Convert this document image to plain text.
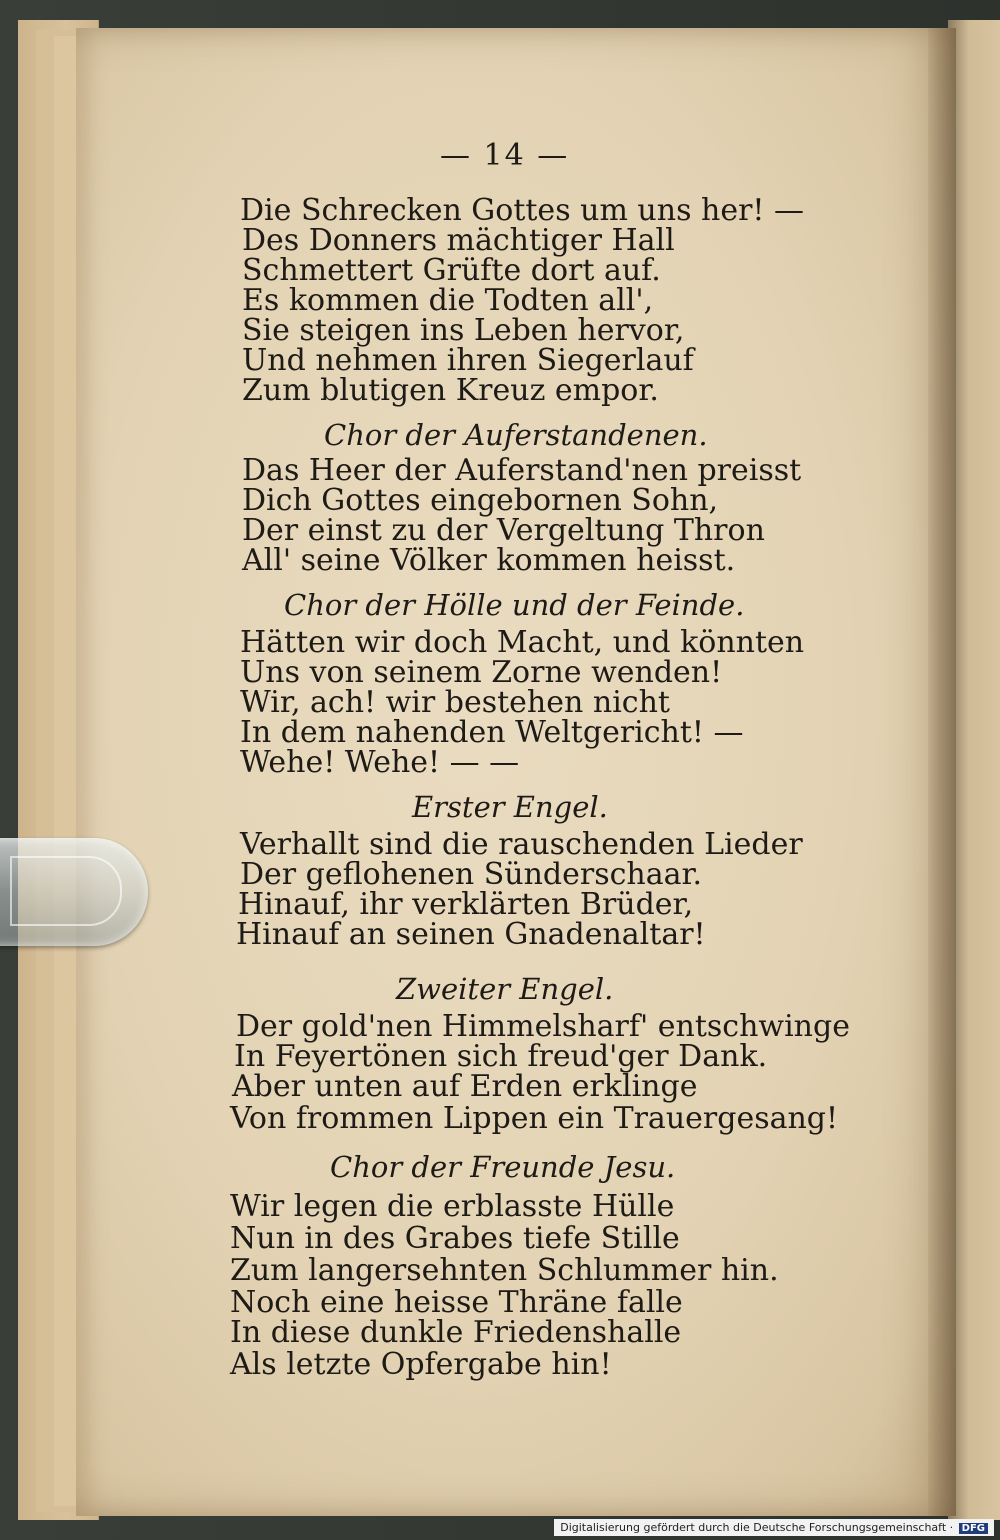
— 14 —
Die Schrecken Gottes um uns her! —
Des Donners mächtiger Hall
Schmettert Grüfte dort auf.
Es kommen die Todten all',
Sie steigen ins Leben hervor,
Und nehmen ihren Siegerlauf
Zum blutigen Kreuz empor.
Chor der Auferstandenen.
Das Heer der Auferstand'nen preisst
Dich Gottes eingebornen Sohn,
Der einst zu der Vergeltung Thron
All' seine Völker kommen heisst.
Chor der Hölle und der Feinde.
Hätten wir doch Macht, und könnten
Uns von seinem Zorne wenden!
Wir, ach! wir bestehen nicht
In dem nahenden Weltgericht! —
Wehe! Wehe! — —
Erster Engel.
Verhallt sind die rauschenden Lieder
Der geflohenen Sünderschaar.
Hinauf, ihr verklärten Brüder,
Hinauf an seinen Gnadenaltar!
Zweiter Engel.
Der gold'nen Himmelsharf' entschwinge
In Feyertönen sich freud'ger Dank.
Aber unten auf Erden erklinge
Von frommen Lippen ein Trauergesang!
Chor der Freunde Jesu.
Wir legen die erblasste Hülle
Nun in des Grabes tiefe Stille
Zum langersehnten Schlummer hin.
Noch eine heisse Thräne falle
In diese dunkle Friedenshalle
Als letzte Opfergabe hin!
Digitalisierung gefördert durch die Deutsche Forschungsgemeinschaft · DFG
